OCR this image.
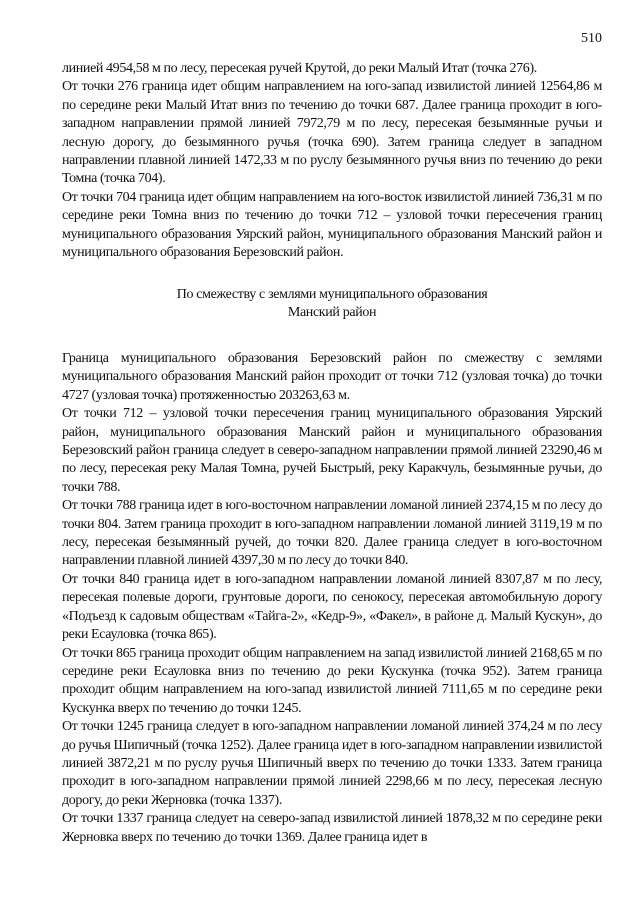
510

линией 4954,58 м по лесу, пересекая ручей Крутой, до реки Малый Итат (точка 276).

От точки 276 граница идет общим направлением на юго-запад извилистой линией 12564,86 м по середине реки Малый Итат вниз по течению до точки 687. Далее граница проходит в юго-западном направлении прямой линией 7972,79 м по лесу, пересекая безымянные ручьи и лесную дорогу, до безымянного ручья (точка 690). Затем граница следует в западном направлении плавной линией 1472,33 м по руслу безымянного ручья вниз по течению до реки Томна (точка 704).

От точки 704 граница идет общим направлением на юго-восток извилистой линией 736,31 м по середине реки Томна вниз по течению до точки 712 – узловой точки пересечения границ муниципального образования Уярский район, муниципального образования Манский район и муниципального образования Березовский район.

По смежеству с землями муниципального образования
Манский район

Граница муниципального образования Березовский район по смежеству с землями муниципального образования Манский район проходит от точки 712 (узловая точка) до точки 4727 (узловая точка) протяженностью 203263,63 м.

От точки 712 – узловой точки пересечения границ муниципального образования Уярский район, муниципального образования Манский район и муниципального образования Березовский район граница следует в северо-западном направлении прямой линией 23290,46 м по лесу, пересекая реку Малая Томна, ручей Быстрый, реку Каракчуль, безымянные ручьи, до точки 788.

От точки 788 граница идет в юго-восточном направлении ломаной линией 2374,15 м по лесу до точки 804. Затем граница проходит в юго-западном направлении ломаной линией 3119,19 м по лесу, пересекая безымянный ручей, до точки 820. Далее граница следует в юго-восточном направлении плавной линией 4397,30 м по лесу до точки 840.

От точки 840 граница идет в юго-западном направлении ломаной линией 8307,87 м по лесу, пересекая полевые дороги, грунтовые дороги, по сенокосу, пересекая автомобильную дорогу «Подъезд к садовым обществам «Тайга-2», «Кедр-9», «Факел», в районе д. Малый Кускун», до реки Есауловка (точка 865).

От точки 865 граница проходит общим направлением на запад извилистой линией 2168,65 м по середине реки Есауловка вниз по течению до реки Кускунка (точка 952). Затем граница проходит общим направлением на юго-запад извилистой линией 7111,65 м по середине реки Кускунка вверх по течению до точки 1245.

От точки 1245 граница следует в юго-западном направлении ломаной линией 374,24 м по лесу до ручья Шипичный (точка 1252). Далее граница идет в юго-западном направлении извилистой линией 3872,21 м по руслу ручья Шипичный вверх по течению до точки 1333. Затем граница проходит в юго-западном направлении прямой линией 2298,66 м по лесу, пересекая лесную дорогу, до реки Жерновка (точка 1337).

От точки 1337 граница следует на северо-запад извилистой линией 1878,32 м по середине реки Жерновка вверх по течению до точки 1369. Далее граница идет в
